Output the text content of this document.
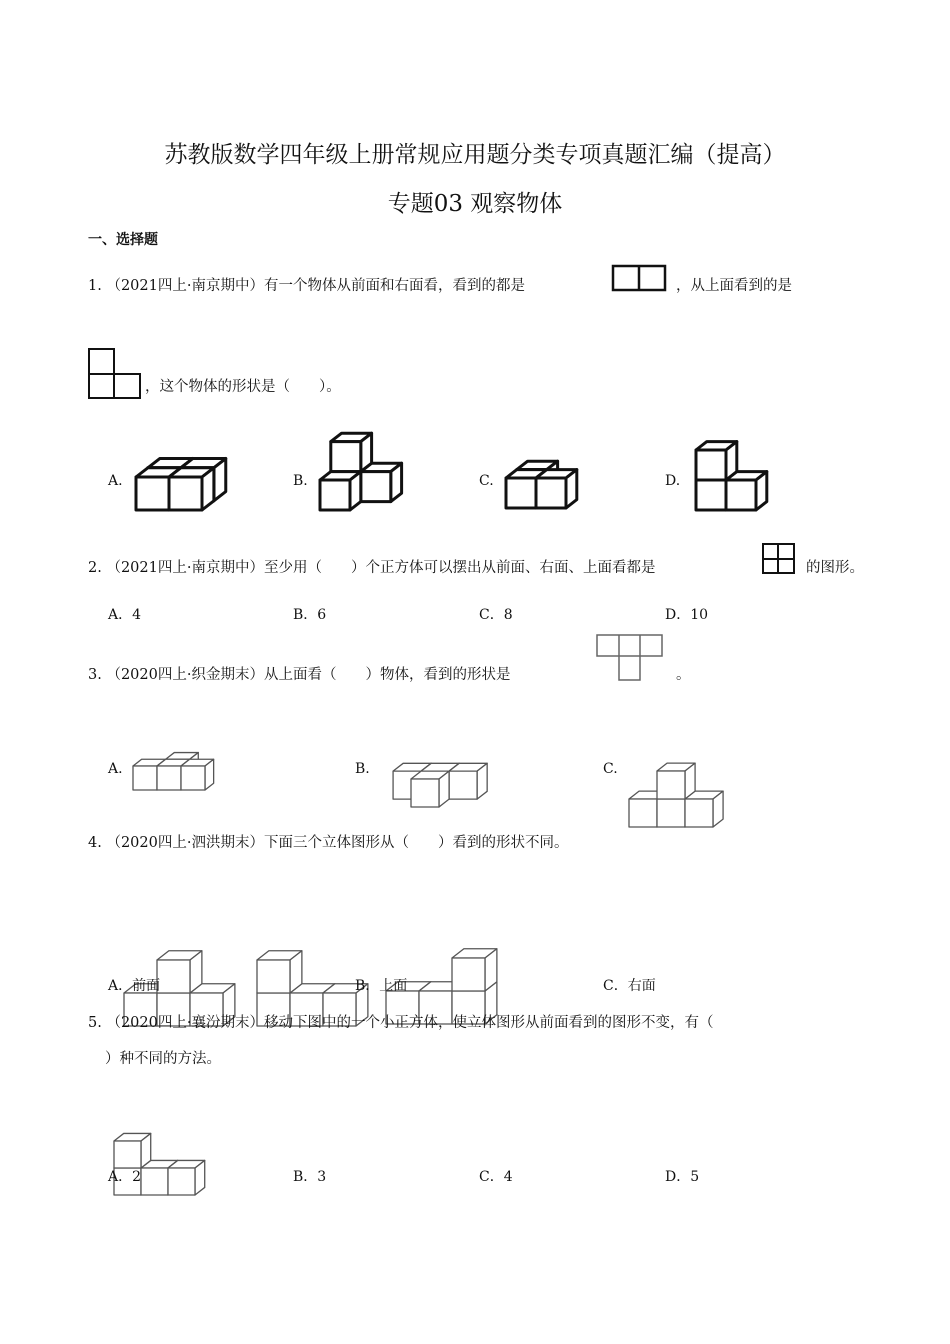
苏教版数学四年级上册常规应用题分类专项真题汇编（提高）
专题03 观察物体
一、选择题
1. （2021四上·南京期中）有一个物体从前面和右面看，看到的都是	，从上面看到的是
，这个物体的形状是（　　）。
A.	B.	C.	D.
2. （2021四上·南京期中）至少用（　　）个正方体可以摆出从前面、右面、上面看都是	的图形。
A．4	B．6	C．8	D．10
3. （2020四上·织金期末）从上面看（　　）物体，看到的形状是	。
A.	B.	C.
4. （2020四上·泗洪期末）下面三个立体图形从（　　）看到的形状不同。
A．前面	B．上面	C．右面
5. （2020四上·襄汾期末）移动下图中的一个小正方体，使立体图形从前面看到的图形不变，有（
）种不同的方法。
A．2	B．3	C．4	D．5
